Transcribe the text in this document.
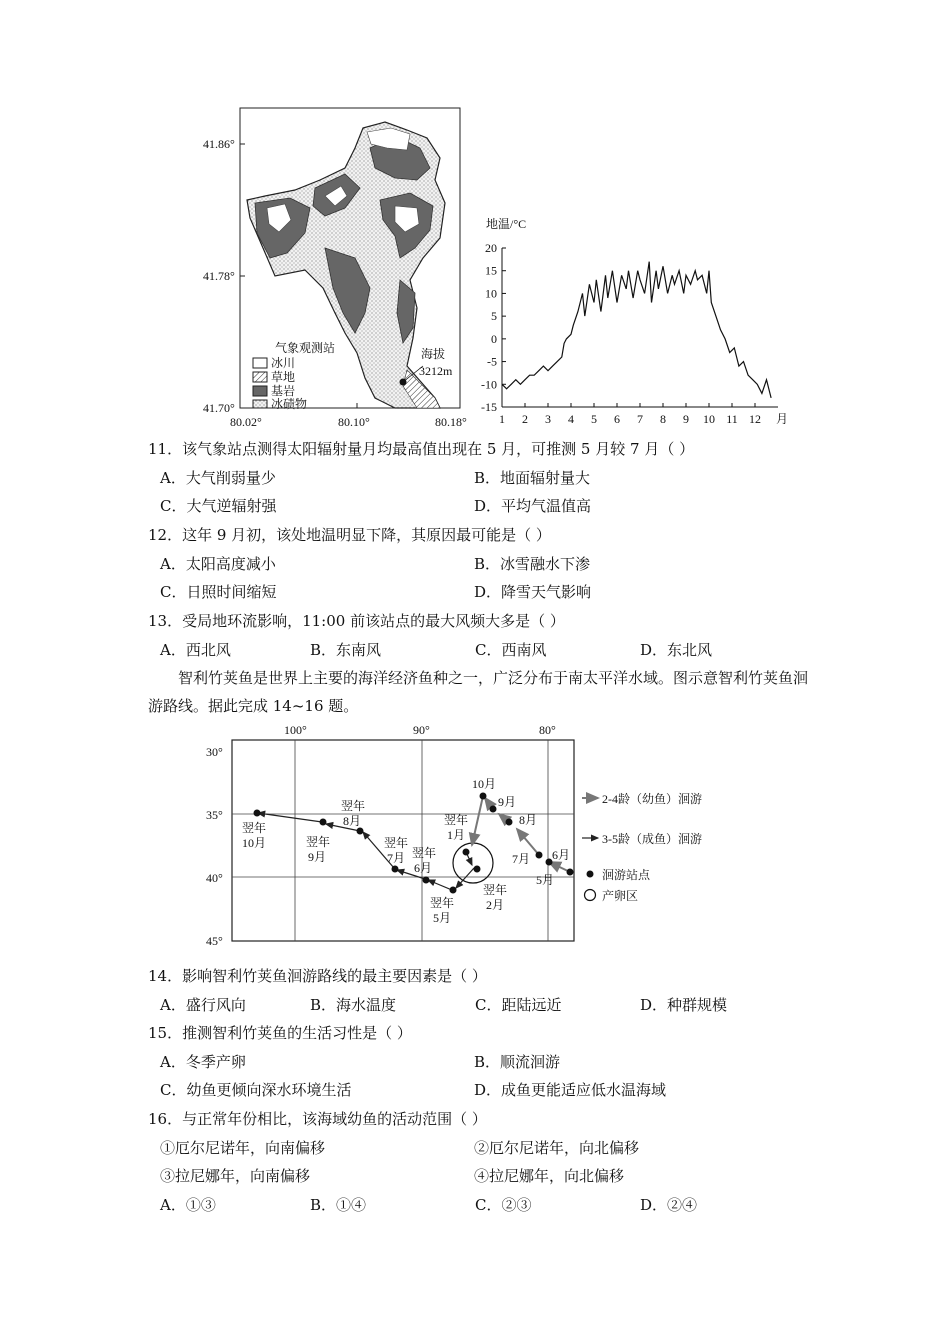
41.86°
41.78°
41.70°
80.02°	80.10°	80.18°
海拔
3212m
气象观测站
冰川
草地
基岩
冰碛物
地温/°C
20
15
10
5
0
-5
-10
-15
1 2 3 4 5 6 7 8 9 10 11 12 月
11．该气象站点测得太阳辐射量月均最高值出现在 5 月，可推测 5 月较 7 月（ ）
A．大气削弱量少	B．地面辐射量大
C．大气逆辐射强	D．平均气温值高
12．这年 9 月初，该处地温明显下降，其原因最可能是（ ）
A．太阳高度减小	B．冰雪融水下渗
C．日照时间缩短	D．降雪天气影响
13．受局地环流影响，11:00 前该站点的最大风频大多是（ ）
A．西北风	B．东南风	C．西南风	D．东北风
智利竹荚鱼是世界上主要的海洋经济鱼种之一，广泛分布于南太平洋水域。图示意智利竹荚鱼洄游路线。据此完成 14~16 题。
100°	90°	80°
30°
35°
40°
45°
10月
9月
8月
7月 6月
5月
翌年
1月
翌年
2月
翌年
5月
翌年
6月
翌年
7月
翌年
8月
翌年
9月
翌年
10月
2-4龄（幼鱼）洄游
3-5龄（成鱼）洄游
洄游站点
产卵区
14．影响智利竹荚鱼洄游路线的最主要因素是（ ）
A．盛行风向	B．海水温度	C．距陆远近	D．种群规模
15．推测智利竹荚鱼的生活习性是（ ）
A．冬季产卵	B．顺流洄游
C．幼鱼更倾向深水环境生活	D．成鱼更能适应低水温海域
16．与正常年份相比，该海域幼鱼的活动范围（ ）
①厄尔尼诺年，向南偏移	②厄尔尼诺年，向北偏移
③拉尼娜年，向南偏移	④拉尼娜年，向北偏移
A．①③	B．①④	C．②③	D．②④
